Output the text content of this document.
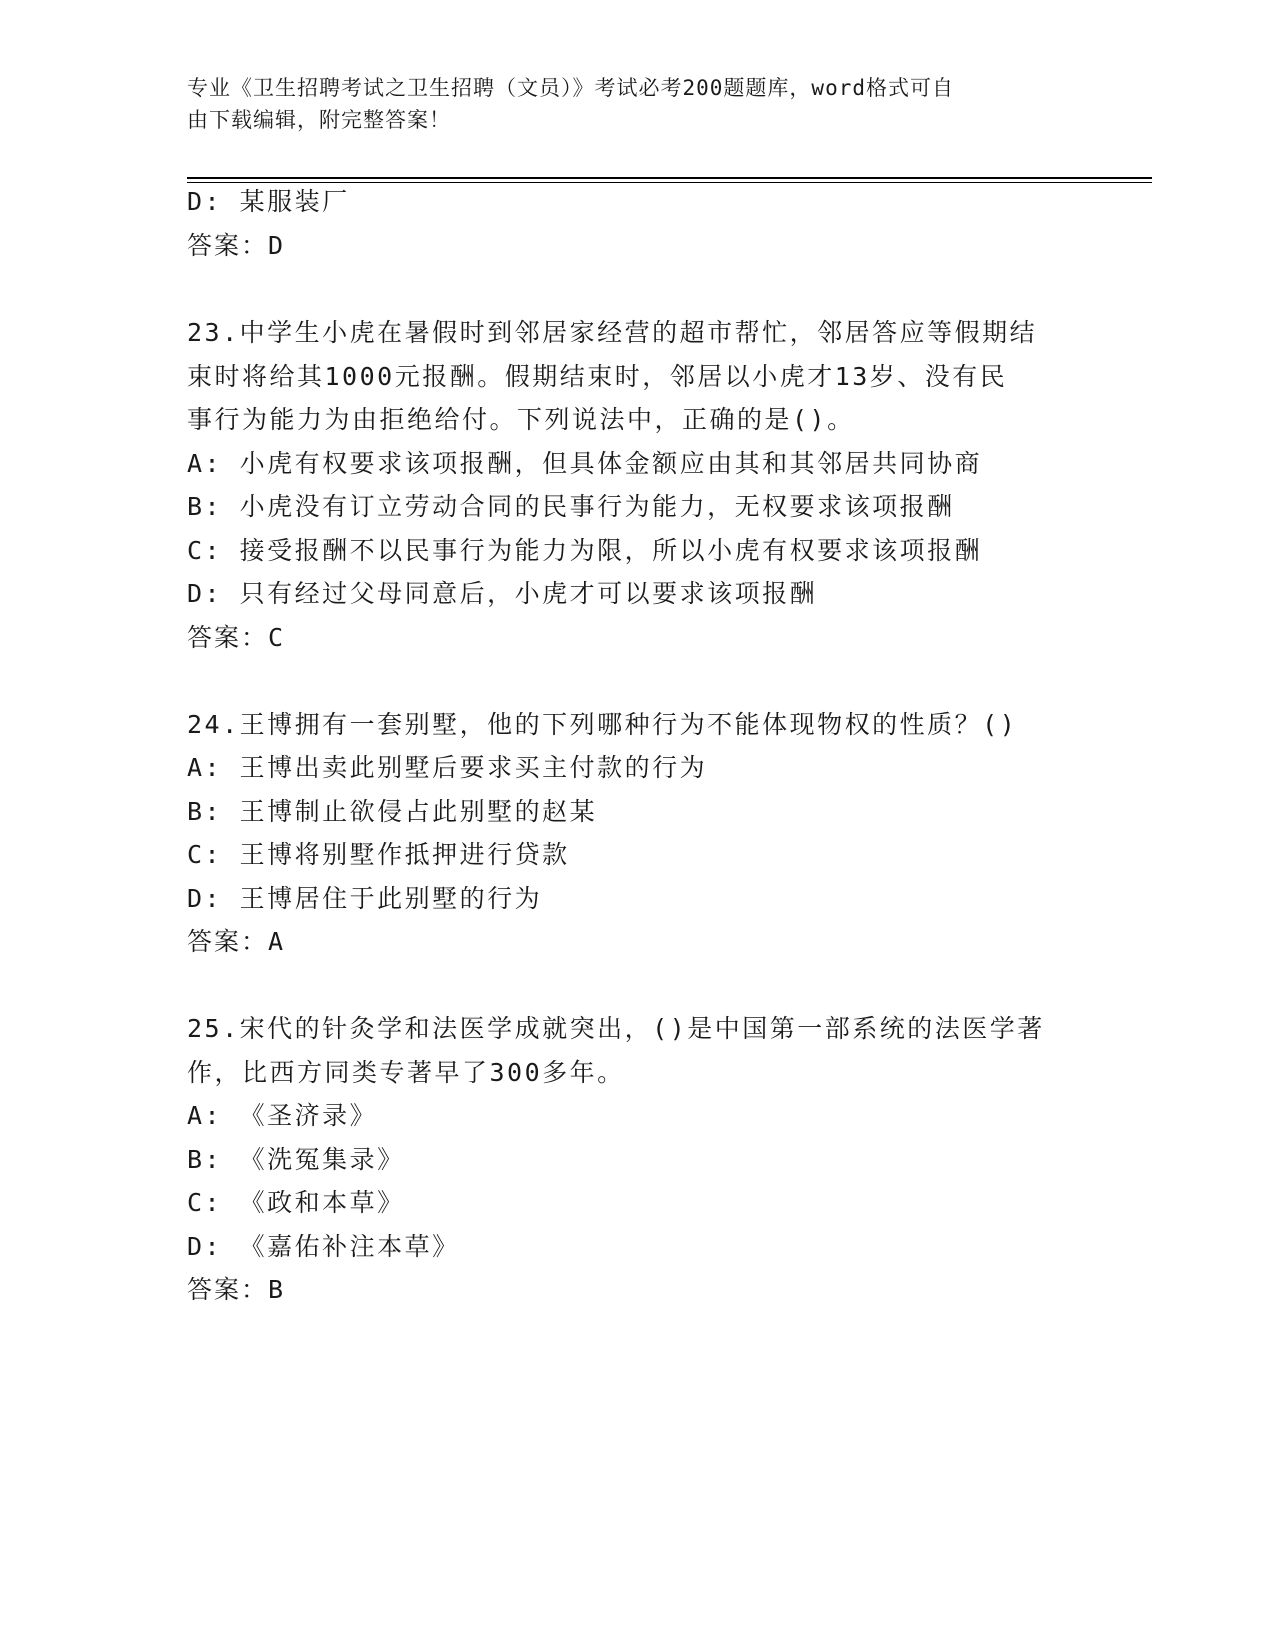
专业《卫生招聘考试之卫生招聘（文员）》考试必考200题题库，word格式可自
由下载编辑，附完整答案！
D: 某服装厂
答案：D
23.中学生小虎在暑假时到邻居家经营的超市帮忙，邻居答应等假期结
束时将给其1000元报酬。假期结束时，邻居以小虎才13岁、没有民
事行为能力为由拒绝给付。下列说法中，正确的是()。
A: 小虎有权要求该项报酬，但具体金额应由其和其邻居共同协商
B: 小虎没有订立劳动合同的民事行为能力，无权要求该项报酬
C: 接受报酬不以民事行为能力为限，所以小虎有权要求该项报酬
D: 只有经过父母同意后，小虎才可以要求该项报酬
答案：C
24.王博拥有一套别墅，他的下列哪种行为不能体现物权的性质？()
A: 王博出卖此别墅后要求买主付款的行为
B: 王博制止欲侵占此别墅的赵某
C: 王博将别墅作抵押进行贷款
D: 王博居住于此别墅的行为
答案：A
25.宋代的针灸学和法医学成就突出，()是中国第一部系统的法医学著
作，比西方同类专著早了300多年。
A: 《圣济录》
B: 《洗冤集录》
C: 《政和本草》
D: 《嘉佑补注本草》
答案：B
